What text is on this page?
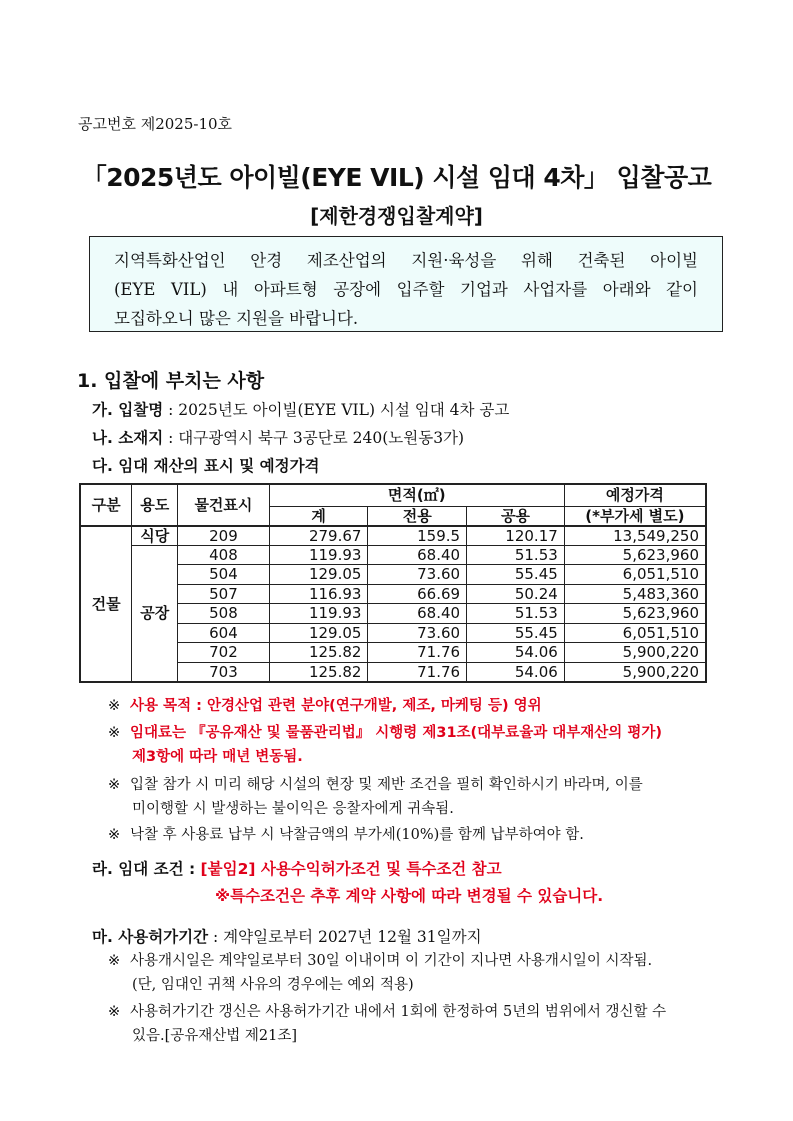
공고번호 제2025-10호
「2025년도 아이빌(EYE VIL) 시설 임대 4차」 입찰공고
[제한경쟁입찰계약]
지역특화산업인 안경 제조산업의 지원·육성을 위해 건축된 아이빌
(EYE VIL) 내 아파트형 공장에 입주할 기업과 사업자를 아래와 같이
모집하오니 많은 지원을 바랍니다.
1. 입찰에 부치는 사항
가. 입찰명 : 2025년도 아이빌(EYE VIL) 시설 임대 4차 공고
나. 소재지 : 대구광역시 북구 3공단로 240(노원동3가)
다. 임대 재산의 표시 및 예정가격
구분	용도	물건표시	면적(㎡)			예정가격
			계	전용	공용	(*부가세 별도)
건물	식당	209	279.67	159.5	120.17	13,549,250
	공장	408	119.93	68.40	51.53	5,623,960
		504	129.05	73.60	55.45	6,051,510
		507	116.93	66.69	50.24	5,483,360
		508	119.93	68.40	51.53	5,623,960
		604	129.05	73.60	55.45	6,051,510
		702	125.82	71.76	54.06	5,900,220
		703	125.82	71.76	54.06	5,900,220
※ 사용 목적 : 안경산업 관련 분야(연구개발, 제조, 마케팅 등) 영위
※ 임대료는 『공유재산 및 물품관리법』 시행령 제31조(대부료율과 대부재산의 평가)
제3항에 따라 매년 변동됨.
※ 입찰 참가 시 미리 해당 시설의 현장 및 제반 조건을 필히 확인하시기 바라며, 이를
미이행할 시 발생하는 불이익은 응찰자에게 귀속됨.
※ 낙찰 후 사용료 납부 시 낙찰금액의 부가세(10%)를 함께 납부하여야 함.
라. 임대 조건 : [붙임2] 사용수익허가조건 및 특수조건 참고
※특수조건은 추후 계약 사항에 따라 변경될 수 있습니다.
마. 사용허가기간 : 계약일로부터 2027년 12월 31일까지
※ 사용개시일은 계약일로부터 30일 이내이며 이 기간이 지나면 사용개시일이 시작됨.
(단, 임대인 귀책 사유의 경우에는 예외 적용)
※ 사용허가기간 갱신은 사용허가기간 내에서 1회에 한정하여 5년의 범위에서 갱신할 수
있음.[공유재산법 제21조]
